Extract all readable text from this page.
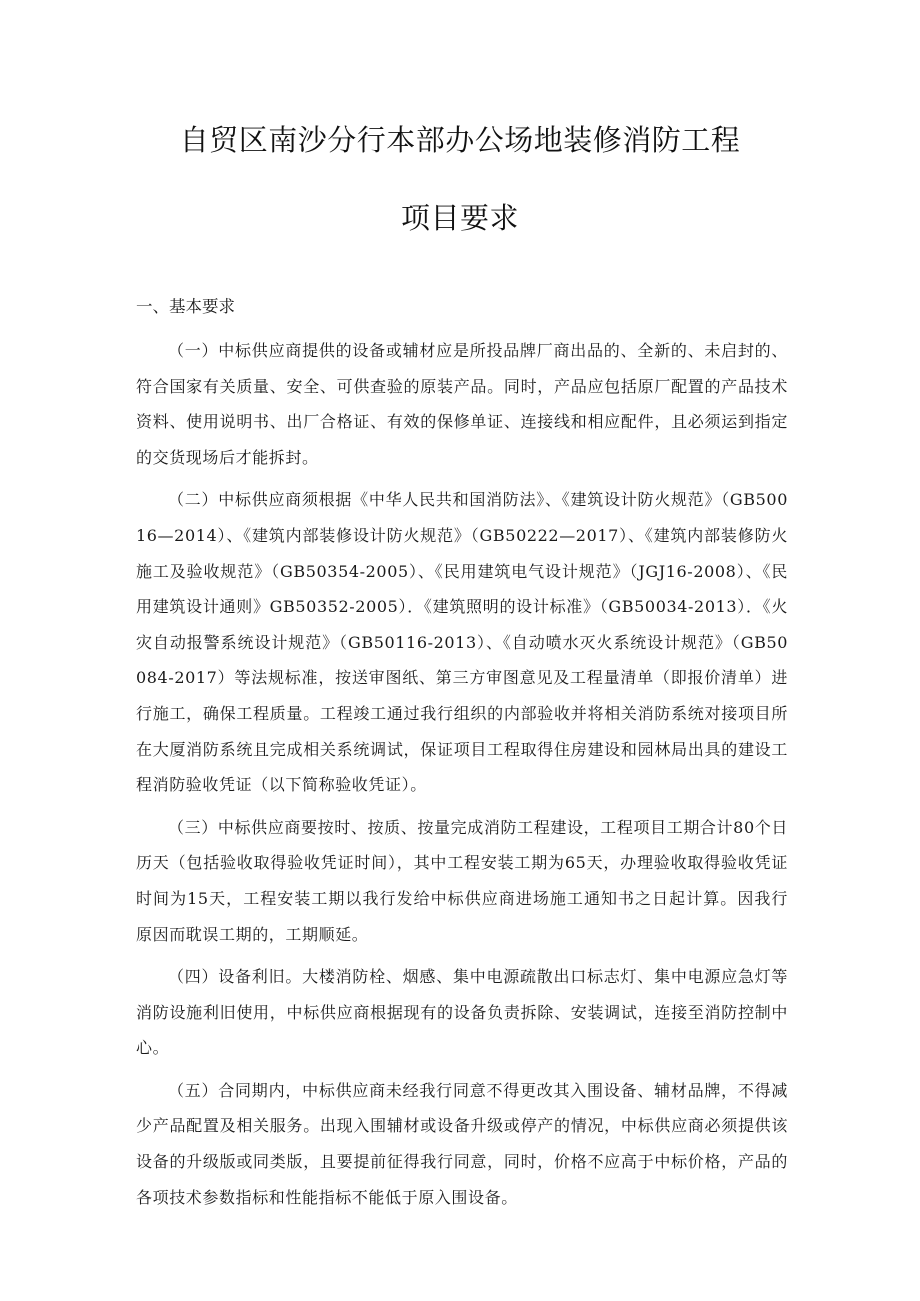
自贸区南沙分行本部办公场地装修消防工程
项目要求
一、基本要求

（一）中标供应商提供的设备或辅材应是所投品牌厂商出品的、全新的、未启封的、符合国家有关质量、安全、可供查验的原装产品。同时，产品应包括原厂配置的产品技术资料、使用说明书、出厂合格证、有效的保修单证、连接线和相应配件，且必须运到指定的交货现场后才能拆封。

（二）中标供应商须根据《中华人民共和国消防法》、《建筑设计防火规范》（GB50016—2014）、《建筑内部装修设计防火规范》（GB50222—2017）、《建筑内部装修防火施工及验收规范》（GB50354-2005）、《民用建筑电气设计规范》（JGJ16-2008）、《民用建筑设计通则》GB50352-2005）．《建筑照明的设计标准》（GB50034-2013）．《火灾自动报警系统设计规范》（GB50116-2013）、《自动喷水灭火系统设计规范》（GB50084-2017）等法规标准，按送审图纸、第三方审图意见及工程量清单（即报价清单）进行施工，确保工程质量。工程竣工通过我行组织的内部验收并将相关消防系统对接项目所在大厦消防系统且完成相关系统调试，保证项目工程取得住房建设和园林局出具的建设工程消防验收凭证（以下简称验收凭证）。

（三）中标供应商要按时、按质、按量完成消防工程建设，工程项目工期合计80个日历天（包括验收取得验收凭证时间），其中工程安装工期为65天，办理验收取得验收凭证时间为15天，工程安装工期以我行发给中标供应商进场施工通知书之日起计算。因我行原因而耽误工期的，工期顺延。

（四）设备利旧。大楼消防栓、烟感、集中电源疏散出口标志灯、集中电源应急灯等消防设施利旧使用，中标供应商根据现有的设备负责拆除、安装调试，连接至消防控制中心。

（五）合同期内，中标供应商未经我行同意不得更改其入围设备、辅材品牌，不得减少产品配置及相关服务。出现入围辅材或设备升级或停产的情况，中标供应商必须提供该设备的升级版或同类版，且要提前征得我行同意，同时，价格不应高于中标价格，产品的各项技术参数指标和性能指标不能低于原入围设备。
